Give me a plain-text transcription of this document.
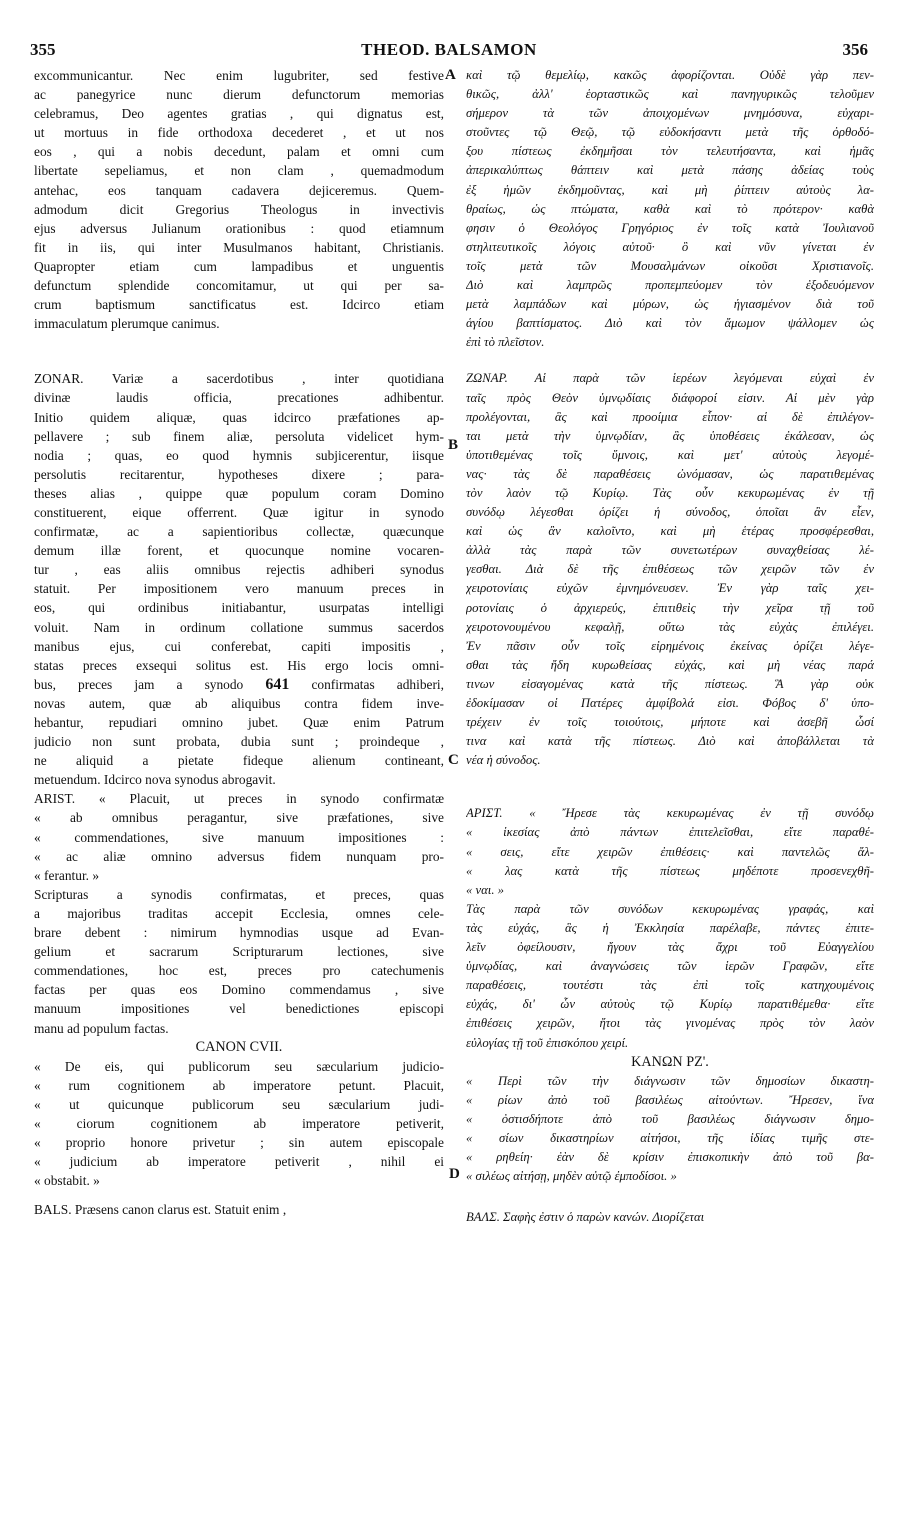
355	THEOD. BALSAMON	356
A
B
C
D
excommunicantur. Nec enim lugubriter, sed festive
ac panegyrice nunc dierum defunctorum memorias
celebramus, Deo agentes gratias , qui dignatus est,
ut mortuus in fide orthodoxa decederet , et ut nos
eos , qui a nobis decedunt, palam et omni cum
libertate sepeliamus, et non clam , quemadmodum
antehac, eos tanquam cadavera dejiceremus. Quem-
admodum dicit Gregorius Theologus in invectivis
ejus adversus Julianum orationibus : quod etiamnum
fit in iis, qui inter Musulmanos habitant, Christianis.
Quapropter etiam cum lampadibus et unguentis
defunctum splendide concomitamur, ut qui per sa-
crum baptismum sanctificatus est. Idcirco etiam
immaculatum plerumque canimus.
ZONAR. Variæ a sacerdotibus , inter quotidiana
divinæ laudis officia, precationes adhibentur.
Initio quidem aliquæ, quas idcirco præfationes ap-
pellavere ; sub finem aliæ, persoluta videlicet hym-
nodia ; quas, eo quod hymnis subjicerentur, iisque
persolutis recitarentur, hypotheses dixere ; para-
theses alias , quippe quæ populum coram Domino
constituerent, eique offerrent. Quæ igitur in synodo
confirmatæ, ac a sapientioribus collectæ, quæcunque
demum illæ forent, et quocunque nomine vocaren-
tur , eas aliis omnibus rejectis adhiberi synodus
statuit. Per impositionem vero manuum preces in
eos, qui ordinibus initiabantur, usurpatas intelligi
voluit. Nam in ordinum collatione summus sacerdos
manibus ejus, cui conferebat, capiti impositis ,
statas preces exsequi solitus est. His ergo locis omni-
bus, preces jam a synodo 641 confirmatas adhiberi,
novas autem, quæ ab aliquibus contra fidem inve-
hebantur, repudiari omnino jubet. Quæ enim Patrum
judicio non sunt probata, dubia sunt ; proindeque ,
ne aliquid a pietate fideque alienum contineant,
metuendum. Idcirco nova synodus abrogavit.
ARIST. « Placuit, ut preces in synodo confirmatæ
« ab omnibus peragantur, sive præfationes, sive
« commendationes, sive manuum impositiones :
« ac aliæ omnino adversus fidem nunquam pro-
« ferantur. »
Scripturas a synodis confirmatas, et preces, quas
a majoribus traditas accepit Ecclesia, omnes cele-
brare debent : nimirum hymnodias usque ad Evan-
gelium et sacrarum Scripturarum lectiones, sive
commendationes, hoc est, preces pro catechumenis
factas per quas eos Domino commendamus , sive
manuum impositiones vel benedictiones episcopi
manu ad populum factas.
CANON CVII.
« De eis, qui publicorum seu sæcularium judicio-
« rum cognitionem ab imperatore petunt. Placuit,
« ut quicunque publicorum seu sæcularium judi-
« ciorum cognitionem ab imperatore petiverit,
« proprio honore privetur ; sin autem episcopale
« judicium ab imperatore petiverit , nihil ei
« obstabit. »
BALS. Præsens canon clarus est. Statuit enim ,
καὶ τῷ θεμελίῳ, κακῶς ἀφορίζονται. Οὐδὲ γὰρ πεν-
θικῶς, ἀλλ' ἑορταστικῶς καὶ πανηγυρικῶς τελοῦμεν
σήμερον τὰ τῶν ἀποιχομένων μνημόσυνα, εὐχαρι-
στοῦντες τῷ Θεῷ, τῷ εὐδοκήσαντι μετὰ τῆς ὀρθοδό-
ξου πίστεως ἐκδημῆσαι τὸν τελευτήσαντα, καὶ ἡμᾶς
ἀπερικαλύπτως θάπτειν καὶ μετὰ πάσης ἀδείας τοὺς
ἐξ ἡμῶν ἐκδημοῦντας, καὶ μὴ ῥίπτειν αὐτοὺς λα-
θραίως, ὡς πτώματα, καθὰ καὶ τὸ πρότερον· καθὰ
φησιν ὁ Θεολόγος Γρηγόριος ἐν τοῖς κατὰ Ἰουλιανοῦ
στηλιτευτικοῖς λόγοις αὐτοῦ· ὃ καὶ νῦν γίνεται ἐν
τοῖς μετὰ τῶν Μουσαλμάνων οἰκοῦσι Χριστιανοῖς.
Διὸ καὶ λαμπρῶς προπεμπεύομεν τὸν ἐξοδευόμενον
μετὰ λαμπάδων καὶ μύρων, ὡς ἡγιασμένον διὰ τοῦ
ἁγίου βαπτίσματος. Διὸ καὶ τὸν ἄμωμον ψάλλομεν ὡς
ἐπὶ τὸ πλεῖστον.
ΖΩΝΑΡ. Αἱ παρὰ τῶν ἱερέων λεγόμεναι εὐχαὶ ἐν
ταῖς πρὸς Θεὸν ὑμνῳδίαις διάφοροί εἰσιν. Αἱ μὲν γὰρ
προλέγονται, ἃς καὶ προοίμια εἶπον· αἱ δὲ ἐπιλέγον-
ται μετὰ τὴν ὑμνῳδίαν, ἃς ὑποθέσεις ἐκάλεσαν, ὡς
ὑποτιθεμένας τοῖς ὕμνοις, καὶ μετ' αὐτοὺς λεγομέ-
νας· τὰς δὲ παραθέσεις ὠνόμασαν, ὡς παρατιθεμένας
τὸν λαὸν τῷ Κυρίῳ. Τὰς οὖν κεκυρωμένας ἐν τῇ
συνόδῳ λέγεσθαι ὁρίζει ἡ σύνοδος, ὁποῖαι ἂν εἶεν,
καὶ ὡς ἂν καλοῖντο, καὶ μὴ ἑτέρας προσφέρεσθαι,
ἀλλὰ τὰς παρὰ τῶν συνετωτέρων συναχθείσας λέ-
γεσθαι. Διὰ δὲ τῆς ἐπιθέσεως τῶν χειρῶν τῶν ἐν
χειροτονίαις εὐχῶν ἐμνημόνευσεν. Ἐν γὰρ ταῖς χει-
ροτονίαις ὁ ἀρχιερεύς, ἐπιτιθεὶς τὴν χεῖρα τῇ τοῦ
χειροτονουμένου κεφαλῇ, οὕτω τὰς εὐχὰς ἐπιλέγει.
Ἐν πᾶσιν οὖν τοῖς εἰρημένοις ἐκείνας ὁρίζει λέγε-
σθαι τὰς ἤδη κυρωθείσας εὐχάς, καὶ μὴ νέας παρά
τινων εἰσαγομένας κατὰ τῆς πίστεως. Ἃ γὰρ οὐκ
ἐδοκίμασαν οἱ Πατέρες ἀμφίβολά εἰσι. Φόβος δ' ὑπο-
τρέχειν ἐν τοῖς τοιούτοις, μήποτε καὶ ἀσεβῆ ὦσί
τινα καὶ κατὰ τῆς πίστεως. Διὸ καὶ ἀποβάλλεται τὰ
νέα ἡ σύνοδος.
ΑΡΙΣΤ. « Ἤρεσε τὰς κεκυρωμένας ἐν τῇ συνόδῳ
« ἱκεσίας ἀπὸ πάντων ἐπιτελεῖσθαι, εἴτε παραθέ-
« σεις, εἴτε χειρῶν ἐπιθέσεις· καὶ παντελῶς ἄλ-
« λας κατὰ τῆς πίστεως μηδέποτε προσενεχθῆ-
« ναι. »
Τὰς παρὰ τῶν συνόδων κεκυρωμένας γραφάς, καὶ
τὰς εὐχάς, ἃς ἡ Ἐκκλησία παρέλαβε, πάντες ἐπιτε-
λεῖν ὀφείλουσιν, ἤγουν τὰς ἄχρι τοῦ Εὐαγγελίου
ὑμνῳδίας, καὶ ἀναγνώσεις τῶν ἱερῶν Γραφῶν, εἴτε
παραθέσεις, τουτέστι τὰς ἐπὶ τοῖς κατηχουμένοις
εὐχάς, δι' ὧν αὐτοὺς τῷ Κυρίῳ παρατιθέμεθα· εἴτε
ἐπιθέσεις χειρῶν, ἤτοι τὰς γινομένας πρὸς τὸν λαὸν
εὐλογίας τῇ τοῦ ἐπισκόπου χειρί.
ΚΑΝΩΝ ΡΖ'.
« Περὶ τῶν τὴν διάγνωσιν τῶν δημοσίων δικαστη-
« ρίων ἀπὸ τοῦ βασιλέως αἰτούντων. Ἤρεσεν, ἵνα
« ὀστισδήποτε ἀπὸ τοῦ βασιλέως διάγνωσιν δημο-
« σίων δικαστηρίων αἰτήσοι, τῆς ἰδίας τιμῆς στε-
« ρηθείη· ἐὰν δὲ κρίσιν ἐπισκοπικὴν ἀπὸ τοῦ βα-
« σιλέως αἰτήσῃ, μηδὲν αὐτῷ ἐμποδίσοι. »
ΒΑΛΣ. Σαφὴς ἐστιν ὁ παρὼν κανών. Διορίζεται
